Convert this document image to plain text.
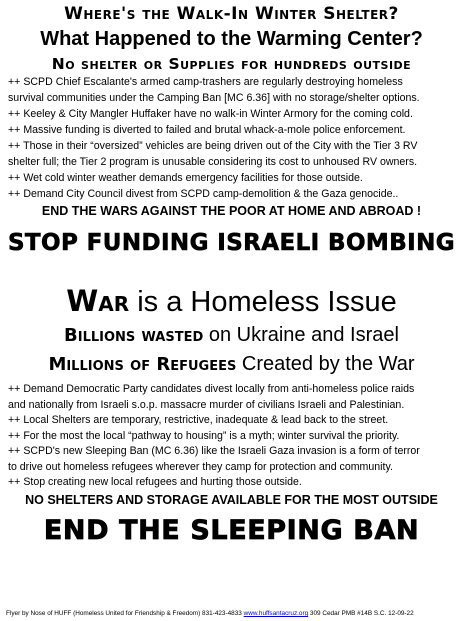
Where's the Walk-In Winter Shelter?
What Happened to the Warming Center?
No shelter or Supplies for hundreds outside
++ SCPD Chief Escalante's armed camp-trashers are regularly destroying homeless
survival communities under the Camping Ban [MC 6.36] with no storage/shelter options.
++ Keeley & City Mangler Huffaker have no walk-in Winter Armory for the coming cold.
++ Massive funding is diverted to failed and brutal whack-a-mole police enforcement.
++ Those in their “oversized” vehicles are being driven out of the City with the Tier 3 RV
shelter full; the Tier 2 program is unusable considering its cost to unhoused RV owners.
++ Wet cold winter weather demands emergency facilities for those outside.
++ Demand City Council divest from SCPD camp-demolition & the Gaza genocide..
END THE WARS AGAINST THE POOR AT HOME AND ABROAD !
STOP FUNDING ISRAELI BOMBING
War is a Homeless Issue
Billions wasted on Ukraine and Israel
Millions of Refugees Created by the War
++ Demand Democratic Party candidates divest locally from anti-homeless police raids
and nationally from Israeli s.o.p. massacre murder of civilians Israeli and Palestinian.
++ Local Shelters are temporary, restrictive, inadequate & lead back to the street.
++ For the most the local “pathway to housing” is a myth; winter survival the priority.
++ SCPD's new Sleeping Ban (MC 6.36) like the Israeli Gaza invasion is a form of terror
to drive out homeless refugees wherever they camp for protection and community.
++ Stop creating new local refugees and hurting those outside.
NO SHELTERS AND STORAGE AVAILABLE FOR THE MOST OUTSIDE
END THE SLEEPING BAN
Flyer by Nose of HUFF (Homeless United for Friendship & Freedom) 831-423-4833 www.huffsantacruz.org 309 Cedar PMB #14B S.C. 12-09-22
